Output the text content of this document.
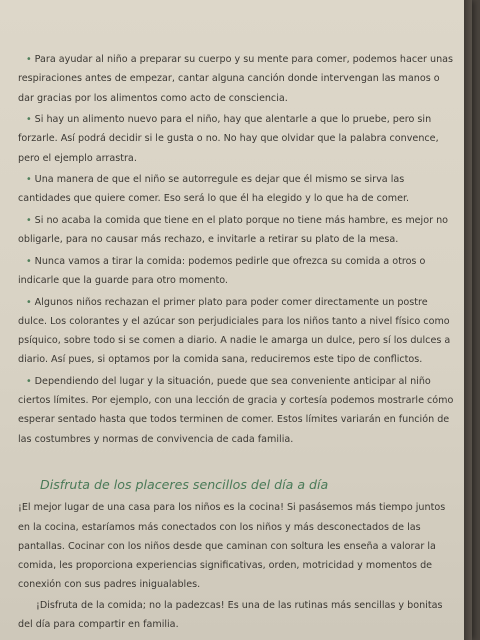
• Para ayudar al niño a preparar su cuerpo y su mente para comer, podemos hacer unas respiraciones antes de empezar, cantar alguna canción donde intervengan las manos o dar gracias por los alimentos como acto de consciencia.
• Si hay un alimento nuevo para el niño, hay que alentarle a que lo pruebe, pero sin forzarle. Así podrá decidir si le gusta o no. No hay que olvidar que la palabra convence, pero el ejemplo arrastra.
• Una manera de que el niño se autorregule es dejar que él mismo se sirva las cantidades que quiere comer. Eso será lo que él ha elegido y lo que ha de comer.
• Si no acaba la comida que tiene en el plato porque no tiene más hambre, es mejor no obligarle, para no causar más rechazo, e invitarle a retirar su plato de la mesa.
• Nunca vamos a tirar la comida: podemos pedirle que ofrezca su comida a otros o indicarle que la guarde para otro momento.
• Algunos niños rechazan el primer plato para poder comer directamente un postre dulce. Los colorantes y el azúcar son perjudiciales para los niños tanto a nivel físico como psíquico, sobre todo si se comen a diario. A nadie le amarga un dulce, pero sí los dulces a diario. Así pues, si optamos por la comida sana, reduciremos este tipo de conflictos.
• Dependiendo del lugar y la situación, puede que sea conveniente anticipar al niño ciertos límites. Por ejemplo, con una lección de gracia y cortesía podemos mostrarle cómo esperar sentado hasta que todos terminen de comer. Estos límites variarán en función de las costumbres y normas de convivencia de cada familia.
Disfruta de los placeres sencillos del día a día
¡El mejor lugar de una casa para los niños es la cocina! Si pasásemos más tiempo juntos en la cocina, estaríamos más conectados con los niños y más desconectados de las pantallas. Cocinar con los niños desde que caminan con soltura les enseña a valorar la comida, les proporciona experiencias significativas, orden, motricidad y momentos de conexión con sus padres inigualables.
¡Disfruta de la comida; no la padezcas! Es una de las rutinas más sencillas y bonitas del día para compartir en familia.
